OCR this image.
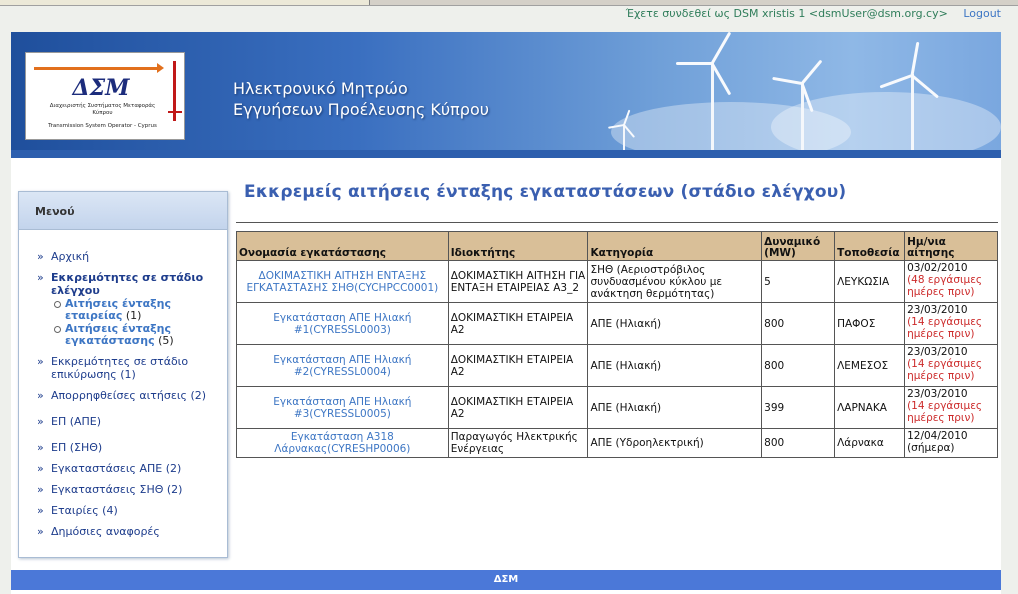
Έχετε συνδεθεί ως DSM xristis 1 <dsmUser@dsm.org.cy> Logout
ΔΣΜ
Διαχειριστής Συστήματος Μεταφοράς
Κύπρου
Transmission System Operator - Cyprus
Ηλεκτρονικό Μητρώο
Εγγυήσεων Προέλευσης Κύπρου
Μενού
» Αρχική
» Εκκρεμότητες σε στάδιο ελέγχου
Αιτήσεις ένταξης εταιρείας (1)
Αιτήσεις ένταξης εγκατάστασης (5)
» Εκκρεμότητες σε στάδιο επικύρωσης (1)
» Απορρηφθείσες αιτήσεις (2)
» ΕΠ (ΑΠΕ)
» ΕΠ (ΣΗΘ)
» Εγκαταστάσεις ΑΠΕ (2)
» Εγκαταστάσεις ΣΗΘ (2)
» Εταιρίες (4)
» Δημόσιες αναφορές
Εκκρεμείς αιτήσεις ένταξης εγκαταστάσεων (στάδιο ελέγχου)
Ονομασία εγκατάστασης	Ιδιοκτήτης	Κατηγορία	Δυναμικό (MW)	Τοποθεσία	Ημ/νια αίτησης
ΔΟΚΙΜΑΣΤΙΚΗ ΑΙΤΗΣΗ ΕΝΤΑΞΗΣ ΕΓΚΑΤΑΣΤΑΣΗΣ ΣΗΘ(CYCHPCC0001)	ΔΟΚΙΜΑΣΤΙΚΗ ΑΙΤΗΣΗ ΓΙΑ ΕΝΤΑΞΗ ΕΤΑΙΡΕΙΑΣ Α3_2	ΣΗΘ (Αεριοστρόβιλος συνδυασμένου κύκλου με ανάκτηση θερμότητας)	5	ΛΕΥΚΩΣΙΑ	03/02/2010
(48 εργάσιμες ημέρες πριν)

Εγκατάσταση ΑΠΕ Ηλιακή #1(CYRESSL0003)	ΔΟΚΙΜΑΣΤΙΚΗ ΕΤΑΙΡΕΙΑ Α2	ΑΠΕ (Ηλιακή)	800	ΠΑΦΟΣ	23/03/2010
(14 εργάσιμες ημέρες πριν)

Εγκατάσταση ΑΠΕ Ηλιακή #2(CYRESSL0004)	ΔΟΚΙΜΑΣΤΙΚΗ ΕΤΑΙΡΕΙΑ Α2	ΑΠΕ (Ηλιακή)	800	ΛΕΜΕΣΟΣ	23/03/2010
(14 εργάσιμες ημέρες πριν)

Εγκατάσταση ΑΠΕ Ηλιακή #3(CYRESSL0005)	ΔΟΚΙΜΑΣΤΙΚΗ ΕΤΑΙΡΕΙΑ Α2	ΑΠΕ (Ηλιακή)	399	ΛΑΡΝΑΚΑ	23/03/2010
(14 εργάσιμες ημέρες πριν)

Εγκατάσταση Α318 Λάρνακας(CYRESHP0006)	Παραγωγός Ηλεκτρικής Ενέργειας	ΑΠΕ (Υδροηλεκτρική)	800	Λάρνακα	12/04/2010
(σήμερα)
ΔΣΜ
